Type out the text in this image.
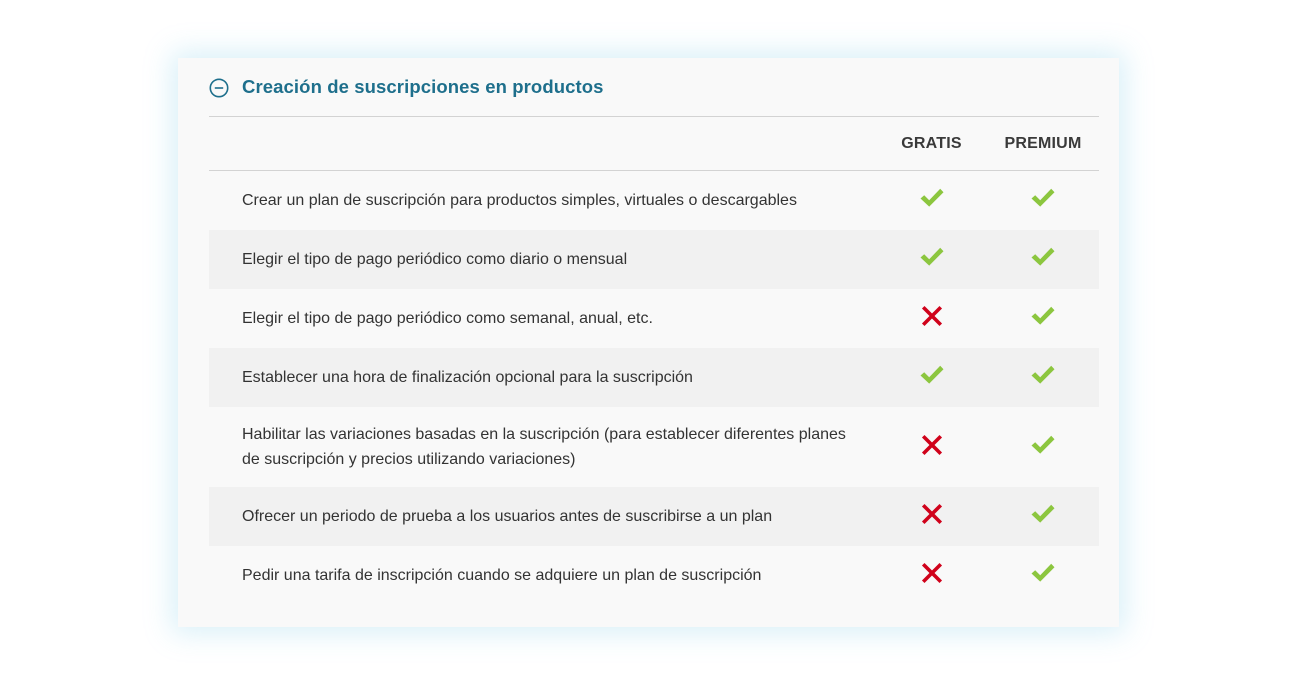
Creación de suscripciones en productos
GRATIS	PREMIUM
Crear un plan de suscripción para productos simples, virtuales o descargables
Elegir el tipo de pago periódico como diario o mensual
Elegir el tipo de pago periódico como semanal, anual, etc.
Establecer una hora de finalización opcional para la suscripción
Habilitar las variaciones basadas en la suscripción (para establecer diferentes planes de suscripción y precios utilizando variaciones)
Ofrecer un periodo de prueba a los usuarios antes de suscribirse a un plan
Pedir una tarifa de inscripción cuando se adquiere un plan de suscripción
